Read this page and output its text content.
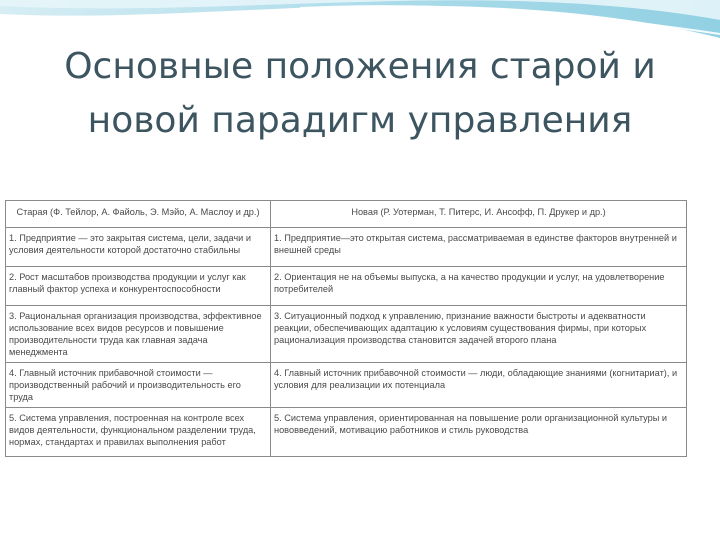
Основные положения старой и
новой парадигм управления
Старая (Ф. Тейлор, А. Файоль, Э. Мэйо, А. Маслоу и др.)	Новая (Р. Уотерман, Т. Питерс, И. Ансофф, П. Друкер и др.)
1. Предприятие — это закрытая система, цели, задачи и условия деятельности которой достаточно стабильны	1. Предприятие—это открытая система, рассматриваемая в единстве факторов внутренней и внешней среды
2. Рост масштабов производства продукции и услуг как главный фактор успеха и конкурентоспособности	2. Ориентация не на объемы выпуска, а на качество продукции и услуг, на удовлетворение потребителей
3. Рациональная организация производства, эффективное использование всех видов ресурсов и повышение производительности труда как главная задача менеджмента	3. Ситуационный подход к управлению, признание важности быстроты и адекватности реакции, обеспечивающих адаптацию к условиям существования фирмы, при которых рационализация производства становится задачей второго плана
4. Главный источник прибавочной стоимости — производственный рабочий и производительность его труда	4. Главный источник прибавочной стоимости — люди, обладающие знаниями (когнитариат), и условия для реализации их потенциала
5. Система управления, построенная на контроле всех видов деятельности, функциональном разделении труда, нормах, стандартах и правилах выполнения работ	5. Система управления, ориентированная на повышение роли организационной культуры и нововведений, мотивацию работников и стиль руководства
